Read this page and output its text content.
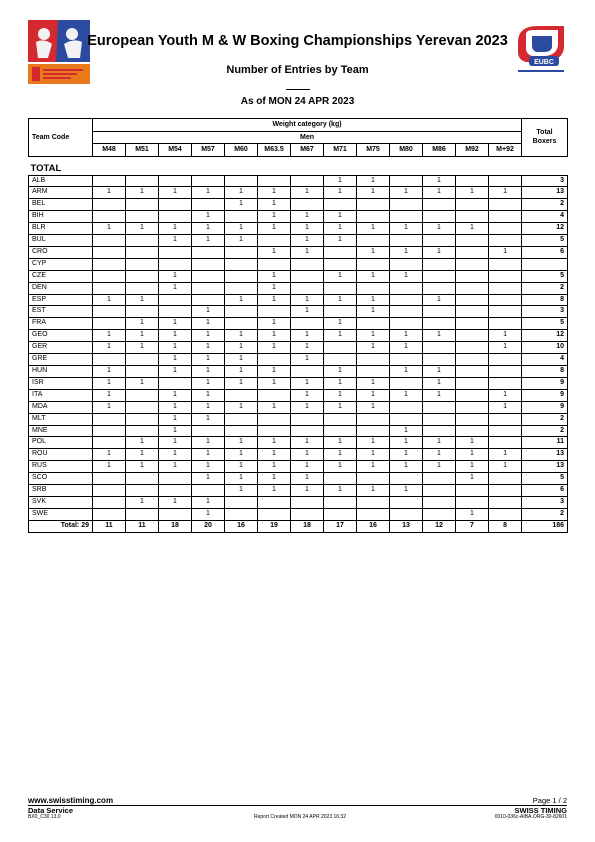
EUBC
European Youth M & W Boxing Championships Yerevan 2023
Number of Entries by Team
As of MON 24 APR 2023
Team Code	Weight category (kg)													Total
Boxers

	Men													
	M48	M51	M54	M57	M60	M63.5	M67	M71	M75	M80	M86	M92	M+92	

TOTAL														
ALB								1	1		1			3
ARM	1	1	1	1	1	1	1	1	1	1	1	1	1	13
BEL					1	1								2
BIH				1		1	1	1						4
BLR	1	1	1	1	1	1	1	1	1	1	1	1		12
BUL			1	1	1		1	1						5
CRO						1	1		1	1	1		1	6
CYP														
CZE			1			1		1	1	1				5
DEN			1			1								2
ESP	1	1			1	1	1	1	1		1			8
EST				1			1		1					3
FRA		1	1	1		1		1						5
GEO	1	1	1	1	1	1	1	1	1	1	1		1	12
GER	1	1	1	1	1	1	1		1	1			1	10
GRE			1	1	1		1							4
HUN	1		1	1	1	1		1		1	1			8
ISR	1	1		1	1	1	1	1	1		1			9
ITA	1		1	1			1	1	1	1	1		1	9
MDA	1		1	1	1	1	1	1	1				1	9
MLT			1	1										2
MNE			1							1				2
POL		1	1	1	1	1	1	1	1	1	1	1		11
ROU	1	1	1	1	1	1	1	1	1	1	1	1	1	13
RUS	1	1	1	1	1	1	1	1	1	1	1	1	1	13
SCO				1	1	1	1					1		5
SRB					1	1	1	1	1	1				6
SVK		1	1	1										3
SWE				1								1		2
Total: 29	11	11	18	20	16	19	18	17	16	13	12	7	8	186
www.swisstiming.com
Data Service
BX0_C30 13.0
Page 1 / 2
SWISS TIMING
Report Created MON 24 APR 2023 16:32	0010-036c-AIBA.ORG-30-82601
